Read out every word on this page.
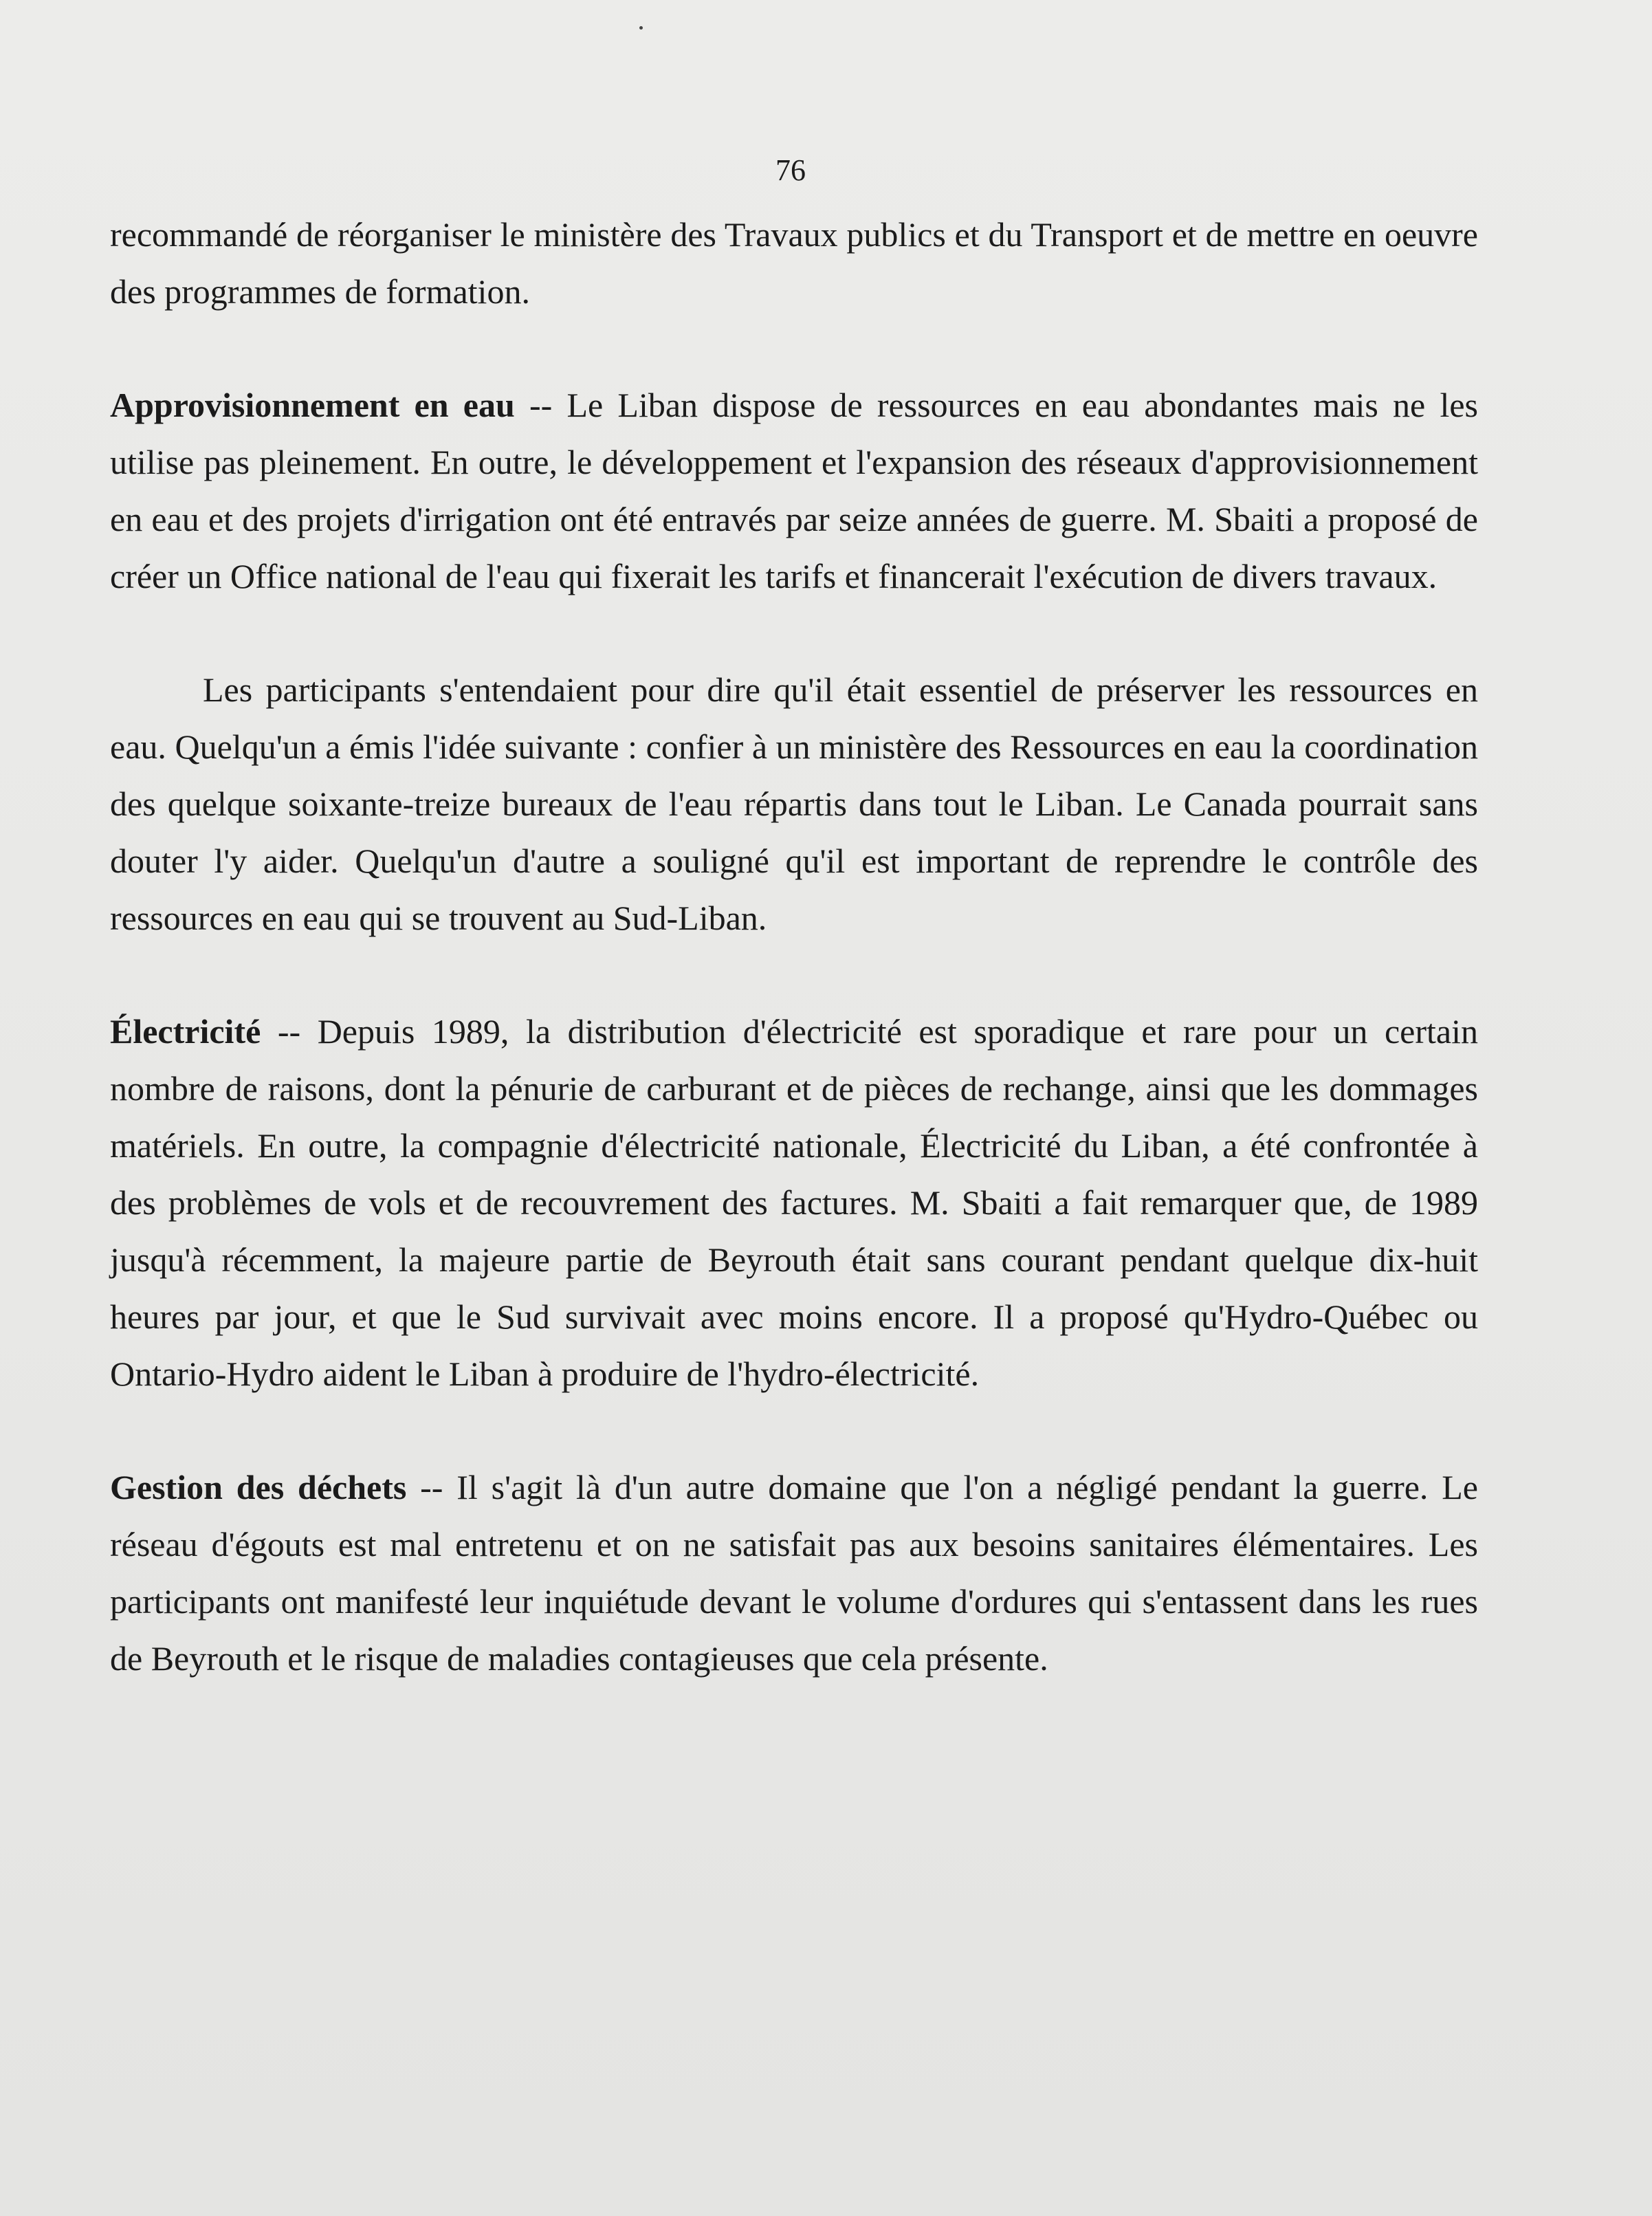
76

recommandé de réorganiser le ministère des Travaux publics et du Transport et de mettre en oeuvre des programmes de formation.

Approvisionnement en eau -- Le Liban dispose de ressources en eau abondantes mais ne les utilise pas pleinement. En outre, le développement et l'expansion des réseaux d'approvisionnement en eau et des projets d'irrigation ont été entravés par seize années de guerre. M. Sbaiti a proposé de créer un Office national de l'eau qui fixerait les tarifs et financerait l'exécution de divers travaux.

Les participants s'entendaient pour dire qu'il était essentiel de préserver les ressources en eau. Quelqu'un a émis l'idée suivante : confier à un ministère des Ressources en eau la coordination des quelque soixante-treize bureaux de l'eau répartis dans tout le Liban. Le Canada pourrait sans douter l'y aider. Quelqu'un d'autre a souligné qu'il est important de reprendre le contrôle des ressources en eau qui se trouvent au Sud-Liban.

Électricité -- Depuis 1989, la distribution d'électricité est sporadique et rare pour un certain nombre de raisons, dont la pénurie de carburant et de pièces de rechange, ainsi que les dommages matériels. En outre, la compagnie d'électricité nationale, Électricité du Liban, a été confrontée à des problèmes de vols et de recouvrement des factures. M. Sbaiti a fait remarquer que, de 1989 jusqu'à récemment, la majeure partie de Beyrouth était sans courant pendant quelque dix-huit heures par jour, et que le Sud survivait avec moins encore. Il a proposé qu'Hydro-Québec ou Ontario-Hydro aident le Liban à produire de l'hydro-électricité.

Gestion des déchets -- Il s'agit là d'un autre domaine que l'on a négligé pendant la guerre. Le réseau d'égouts est mal entretenu et on ne satisfait pas aux besoins sanitaires élémentaires. Les participants ont manifesté leur inquiétude devant le volume d'ordures qui s'entassent dans les rues de Beyrouth et le risque de maladies contagieuses que cela présente.
